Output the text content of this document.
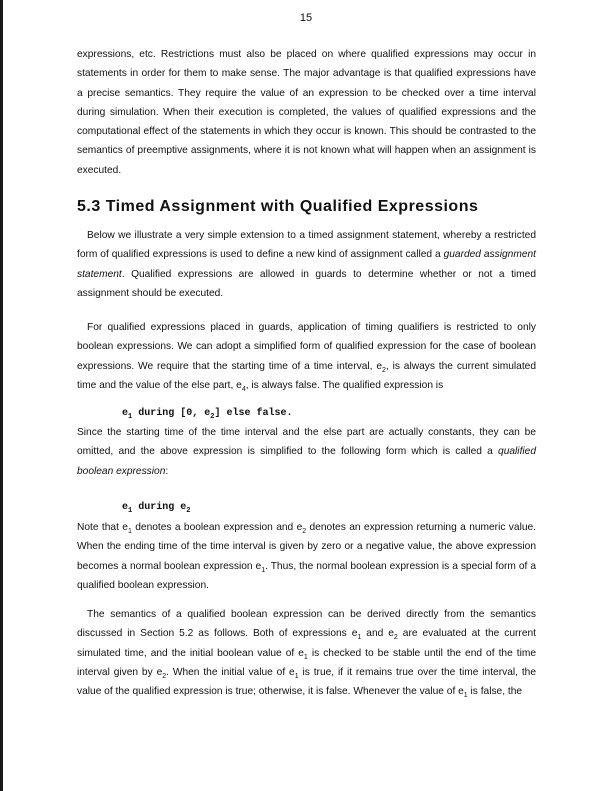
15

expressions, etc. Restrictions must also be placed on where qualified expressions may occur in statements in order for them to make sense. The major advantage is that qualified expressions have a precise semantics. They require the value of an expression to be checked over a time interval during simulation. When their execution is completed, the values of qualified expressions and the computational effect of the statements in which they occur is known. This should be contrasted to the semantics of preemptive assignments, where it is not known what will happen when an assignment is executed.

5.3 Timed Assignment with Qualified Expressions

Below we illustrate a very simple extension to a timed assignment statement, whereby a restricted form of qualified expressions is used to define a new kind of assignment called a guarded assignment statement. Qualified expressions are allowed in guards to determine whether or not a timed assignment should be executed.

For qualified expressions placed in guards, application of timing qualifiers is restricted to only boolean expressions. We can adopt a simplified form of qualified expression for the case of boolean expressions. We require that the starting time of a time interval, $e_2$, is always the current simulated time and the value of the else part, $e_4$, is always false. The qualified expression is

$e_1$ during [0, $e_2$] else false.

Since the starting time of the time interval and the else part are actually constants, they can be omitted, and the above expression is simplified to the following form which is called a qualified boolean expression:

$e_1$ during $e_2$

Note that $e_1$ denotes a boolean expression and $e_2$ denotes an expression returning a numeric value. When the ending time of the time interval is given by zero or a negative value, the above expression becomes a normal boolean expression $e_1$. Thus, the normal boolean expression is a special form of a qualified boolean expression.

The semantics of a qualified boolean expression can be derived directly from the semantics discussed in Section 5.2 as follows. Both of expressions $e_1$ and $e_2$ are evaluated at the current simulated time, and the initial boolean value of $e_1$ is checked to be stable until the end of the time interval given by $e_2$. When the initial value of $e_1$ is true, if it remains true over the time interval, the value of the qualified expression is true; otherwise, it is false. Whenever the value of $e_1$ is false, the
